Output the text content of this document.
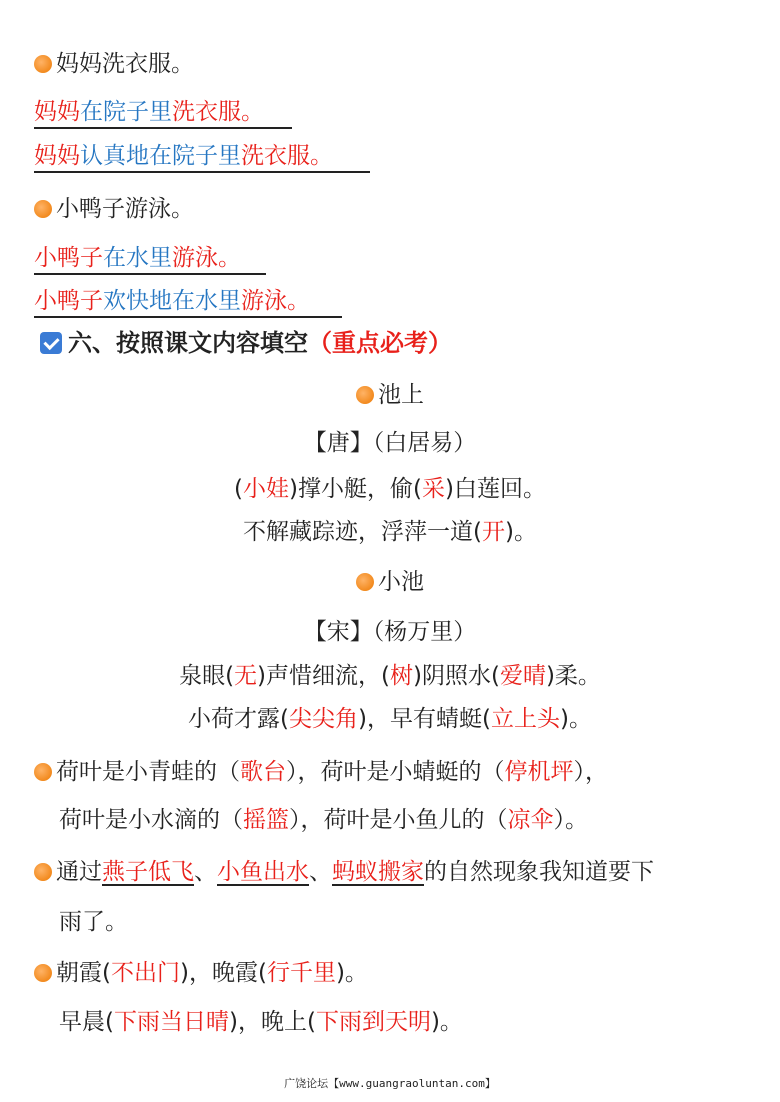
妈妈洗衣服。
妈妈在院子里洗衣服。
妈妈认真地在院子里洗衣服。
小鸭子游泳。
小鸭子在水里游泳。
小鸭子欢快地在水里游泳。
六、按照课文内容填空（重点必考）
池上
【唐】（白居易）
(小娃)撑小艇，偷(采)白莲回。
不解藏踪迹，浮萍一道(开)。
小池
【宋】（杨万里）
泉眼(无)声惜细流，(树)阴照水(爱晴)柔。
小荷才露(尖尖角)，早有蜻蜓(立上头)。
荷叶是小青蛙的（歌台），荷叶是小蜻蜓的（停机坪），
荷叶是小水滴的（摇篮），荷叶是小鱼儿的（凉伞）。
通过燕子低飞、小鱼出水、蚂蚁搬家的自然现象我知道要下
雨了。
朝霞(不出门)，晚霞(行千里)。
早晨(下雨当日晴)，晚上(下雨到天明)。
广饶论坛【www.guangraoluntan.com】
